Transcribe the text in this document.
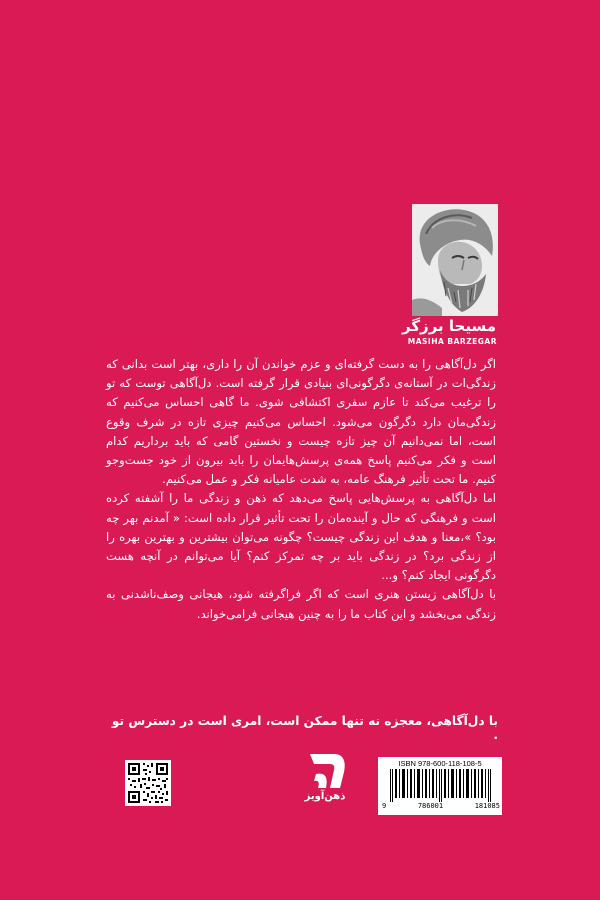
مسیحا برزگر
MASIHA BARZEGAR

اگر دل‌آگاهی را به دست گرفته‌ای و عزم خواندن آن را داری، بهتر است بدانی که زندگی‌ات در آستانه‌ی دگرگونی‌ای بنیادی قرار گرفته است. دل‌آگاهی توست که تو را ترغیب می‌کند تا عازم سفری اکتشافی شوی. ما گاهی احساس می‌کنیم که زندگی‌مان دارد دگرگون می‌شود. احساس می‌کنیم چیزی تازه در شرف وقوع است، اما نمی‌دانیم آن چیز تازه چیست و نخستین گامی که باید برداریم کدام است و فکر می‌کنیم پاسخ همه‌ی پرسش‌هایمان را باید بیرون از خود جست‌وجو کنیم. ما تحت تأثیر فرهنگ عامه، به شدت عامیانه فکر و عمل می‌کنیم.

اما دل‌آگاهی به پرسش‌هایی پاسخ می‌دهد که ذهن و زندگی ما را آشفته کرده است و فرهنگی که حال و آینده‌مان را تحت تأثیر قرار داده است: « آمدنم بهر چه بود؟ »،معنا و هدف این زندگی چیست؟ چگونه می‌توان بیشترین و بهترین بهره را از زندگی برد؟ در زندگی باید بر چه تمرکز کنم؟ آیا می‌توانم در آنچه هست دگرگونی ایجاد کنم؟ و...

با دل‌آگاهی زیستن هنری است که اگر فراگرفته شود، هیجانی وصف‌ناشدنی به زندگی می‌بخشد و این کتاب ما را به چنین هیجانی فرامی‌خواند.

با دل‌آگاهی، معجزه نه تنها ممکن است، امری است در دسترس تو .
ذهن‌آویز
ISBN 978-600-118-108-5
9	786001	181085
